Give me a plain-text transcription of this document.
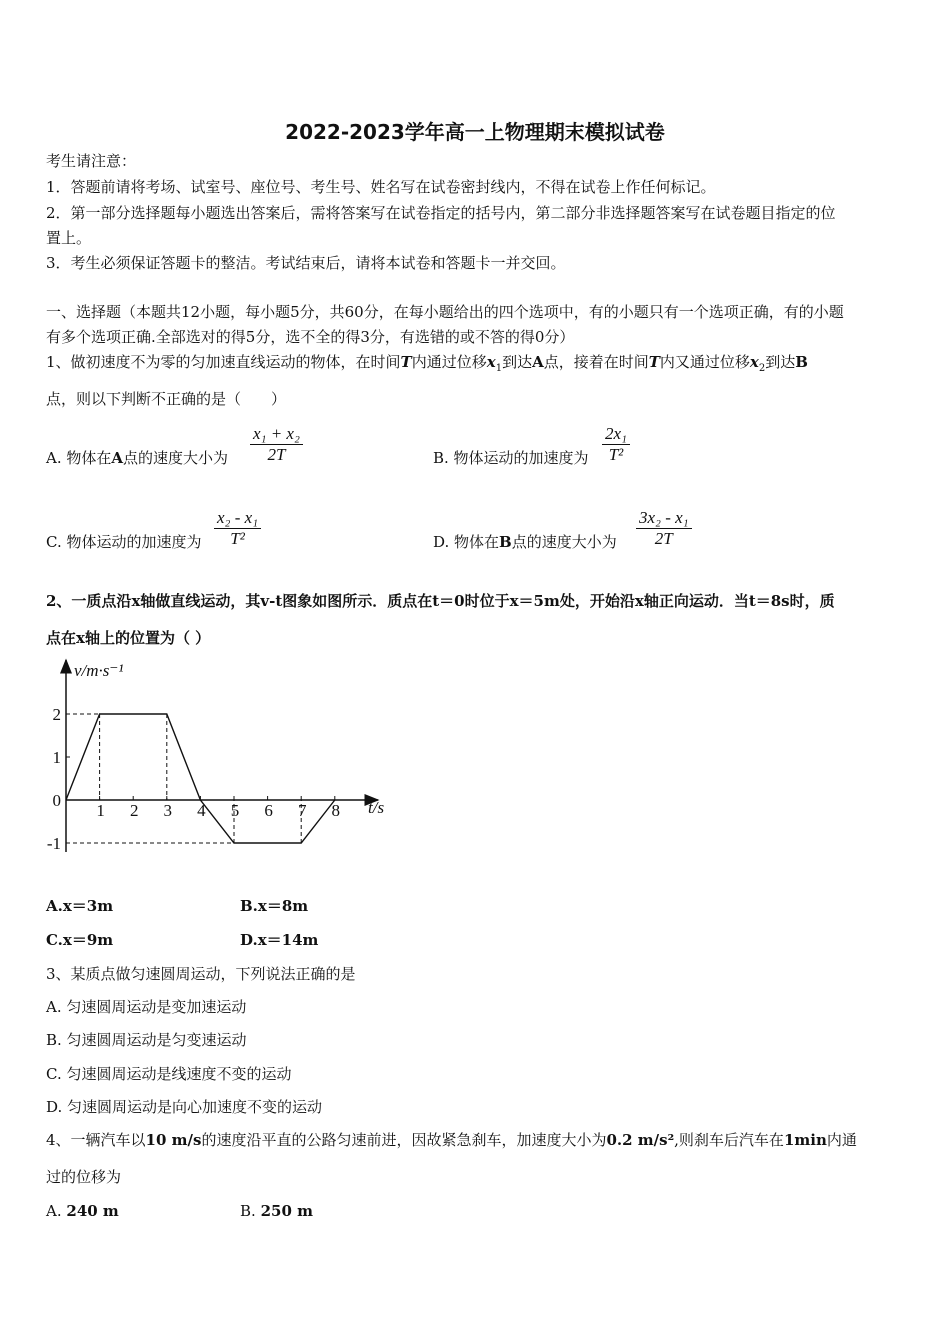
2022-2023学年高一上物理期末模拟试卷
考生请注意：
1．答题前请将考场、试室号、座位号、考生号、姓名写在试卷密封线内，不得在试卷上作任何标记。
2．第一部分选择题每小题选出答案后，需将答案写在试卷指定的括号内，第二部分非选择题答案写在试卷题目指定的位
置上。
3．考生必须保证答题卡的整洁。考试结束后，请将本试卷和答题卡一并交回。
一、选择题（本题共12小题，每小题5分，共60分，在每小题给出的四个选项中，有的小题只有一个选项正确，有的小题
有多个选项正确.全部选对的得5分，选不全的得3分，有选错的或不答的得0分）
1、做初速度不为零的匀加速直线运动的物体，在时间T内通过位移$x_1$到达A点，接着在时间T内又通过位移$x_2$到达B
点，则以下判断不正确的是（　　）
A. 物体在A点的速度大小为 $\frac{\text{x₁ + x₂}}{2T}$	B. 物体运动的加速度为 $\frac{\text{2x₁}}{\text{T²}}$
C. 物体运动的加速度为 $\frac{\text{x₂ - x₁}}{\text{T²}}$	D. 物体在B点的速度大小为 $\frac{\text{3x₂ - x₁}}{2T}$
2、一质点沿x轴做直线运动，其v-t图象如图所示．质点在t＝0时位于x＝5m处，开始沿x轴正向运动．当t＝8s时，质
点在x轴上的位置为（ ）
1 2 3 4 5 6 7 8
2
1
0
-1
v/m·s⁻¹
t/s
A.x＝3m	B.x＝8m
C.x＝9m	D.x＝14m
3、某质点做匀速圆周运动，下列说法正确的是
A. 匀速圆周运动是变加速运动
B. 匀速圆周运动是匀变速运动
C. 匀速圆周运动是线速度不变的运动
D. 匀速圆周运动是向心加速度不变的运动
4、一辆汽车以10 m/s的速度沿平直的公路匀速前进，因故紧急刹车，加速度大小为0.2 m/s²,则刹车后汽车在1min内通
过的位移为
A. 240 m	B. 250 m
